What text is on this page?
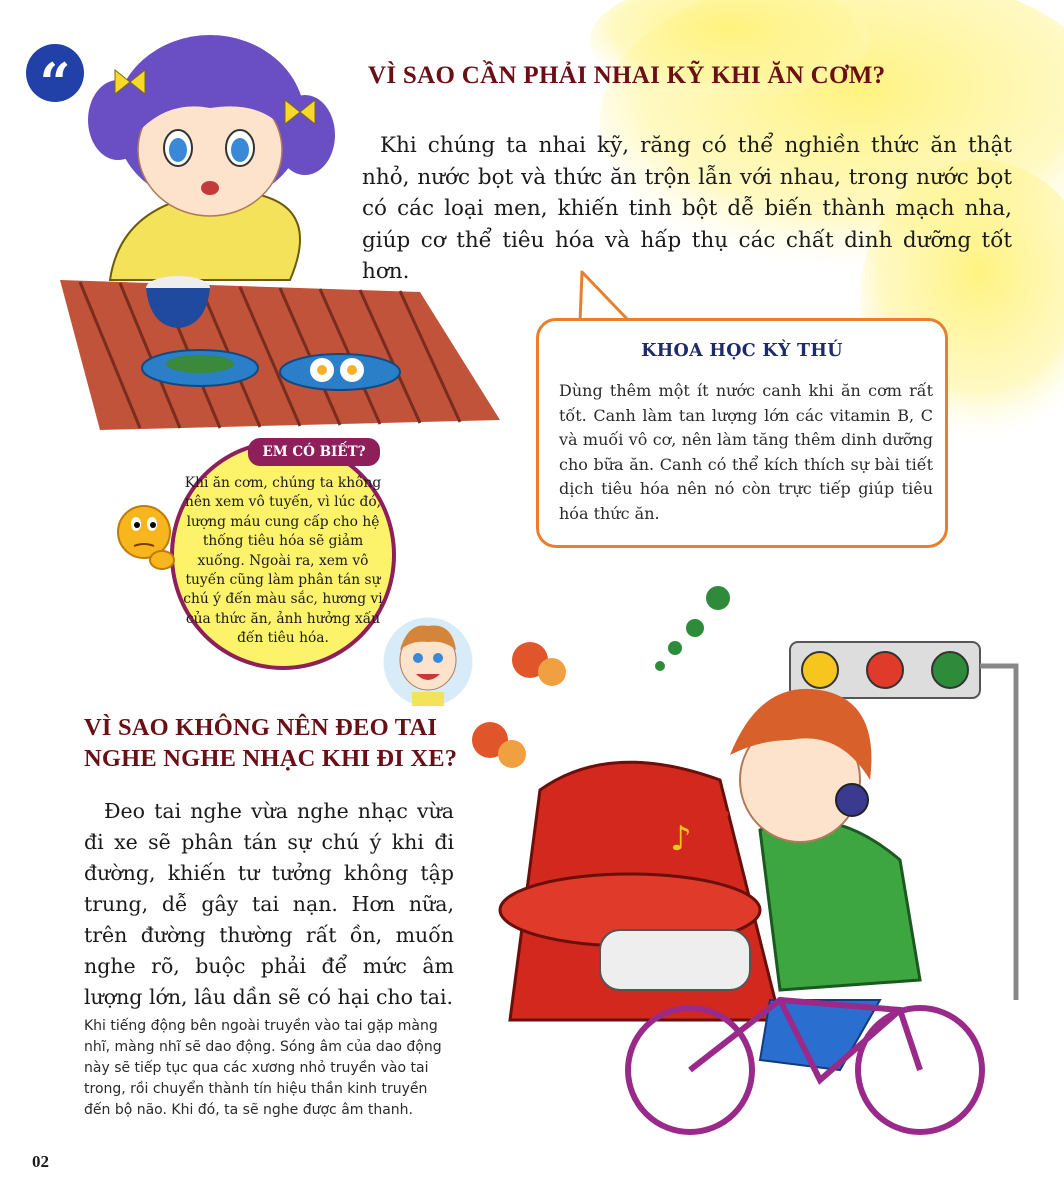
“	VÌ SAO CẦN PHẢI NHAI KỸ KHI ĂN CƠM?

Khi chúng ta nhai kỹ, răng có thể nghiền thức ăn thật nhỏ, nước bọt và thức ăn trộn lẫn với nhau, trong nước bọt có các loại men, khiến tinh bột dễ biến thành mạch nha, giúp cơ thể tiêu hóa và hấp thụ các chất dinh dưỡng tốt hơn.

KHOA HỌC KỲ THÚ
Dùng thêm một ít nước canh khi ăn cơm rất tốt. Canh làm tan lượng lớn các vitamin B, C và muối vô cơ, nên làm tăng thêm dinh dưỡng cho bữa ăn. Canh có thể kích thích sự bài tiết dịch tiêu hóa nên nó còn trực tiếp giúp tiêu hóa thức ăn.
EM CÓ BIẾT?
Khi ăn cơm, chúng ta không nên xem vô tuyến, vì lúc đó, lượng máu cung cấp cho hệ thống tiêu hóa sẽ giảm xuống. Ngoài ra, xem vô tuyến cũng làm phân tán sự chú ý đến màu sắc, hương vị của thức ăn, ảnh hưởng xấu đến tiêu hóa.
VÌ SAO KHÔNG NÊN ĐEO TAI NGHE NGHE NHẠC KHI ĐI XE?

Đeo tai nghe vừa nghe nhạc vừa đi xe sẽ phân tán sự chú ý khi đi đường, khiến tư tưởng không tập trung, dễ gây tai nạn. Hơn nữa, trên đường thường rất ồn, muốn nghe rõ, buộc phải để mức âm lượng lớn, lâu dần sẽ có hại cho tai.

Khi tiếng động bên ngoài truyền vào tai gặp màng nhĩ, màng nhĩ sẽ dao động. Sóng âm của dao động này sẽ tiếp tục qua các xương nhỏ truyền vào tai trong, rồi chuyển thành tín hiệu thần kinh truyền đến bộ não. Khi đó, ta sẽ nghe được âm thanh.
♪ ♪
02
